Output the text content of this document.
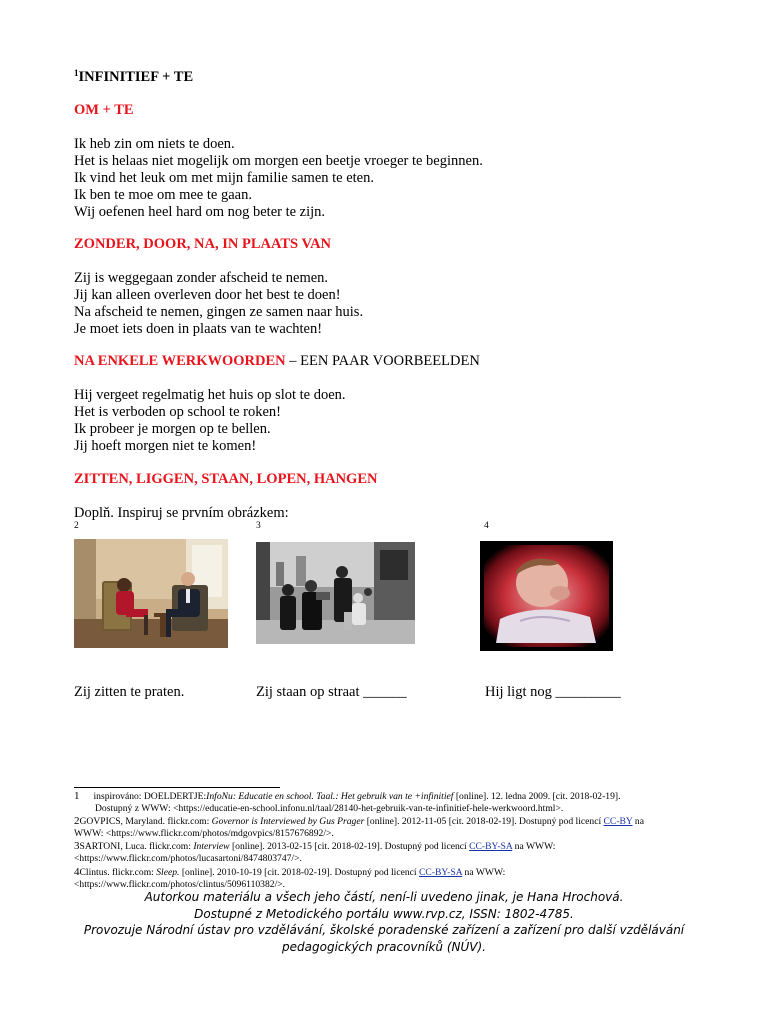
$^1$INFINITIEF + TE
OM + TE
Ik heb zin om niets te doen.
Het is helaas niet mogelijk om morgen een beetje vroeger te beginnen.
Ik vind het leuk om met mijn familie samen te eten.
Ik ben te moe om mee te gaan.
Wij oefenen heel hard om nog beter te zijn.
ZONDER, DOOR, NA, IN PLAATS VAN
Zij is weggegaan zonder afscheid te nemen.
Jij kan alleen overleven door het best te doen!
Na afscheid te nemen, gingen ze samen naar huis.
Je moet iets doen in plaats van te wachten!
NA ENKELE WERKWOORDEN – EEN PAAR VOORBEELDEN
Hij vergeet regelmatig het huis op slot te doen.
Het is verboden op school te roken!
Ik probeer je morgen op te bellen.
Jij hoeft morgen niet te komen!
ZITTEN, LIGGEN, STAAN, LOPEN, HANGEN
Doplň. Inspiruj se prvním obrázkem:
2	3	4
Zij zitten te praten.	Zij staan op straat ______	Hij ligt nog _________
1 inspirováno: DOELDERTJE:InfoNu: Educatie en school. Taal.: Het gebruik van te +infinitief [online]. 12. ledna 2009. [cit. 2018-02-19].
Dostupný z WWW: <https://educatie-en-school.infonu.nl/taal/28140-het-gebruik-van-te-infinitief-hele-werkwoord.html>.
2GOVPICS, Maryland. flickr.com: Governor is Interviewed by Gus Prager [online]. 2012-11-05 [cit. 2018-02-19]. Dostupný pod licencí CC-BY na
WWW: <https://www.flickr.com/photos/mdgovpics/8157676892/>.
3SARTONI, Luca. flickr.com: Interview [online]. 2013-02-15 [cit. 2018-02-19]. Dostupný pod licencí CC-BY-SA na WWW:
<https://www.flickr.com/photos/lucasartoni/8474803747/>.
4Clintus. flickr.com: Sleep. [online]. 2010-10-19 [cit. 2018-02-19]. Dostupný pod licencí CC-BY-SA na WWW:
<https://www.flickr.com/photos/clintus/5096110382/>.
Autorkou materiálu a všech jeho částí, není-li uvedeno jinak, je Hana Hrochová.
Dostupné z Metodického portálu www.rvp.cz, ISSN: 1802-4785.
Provozuje Národní ústav pro vzdělávání, školské poradenské zařízení a zařízení pro další vzdělávání
pedagogických pracovníků (NÚV).
